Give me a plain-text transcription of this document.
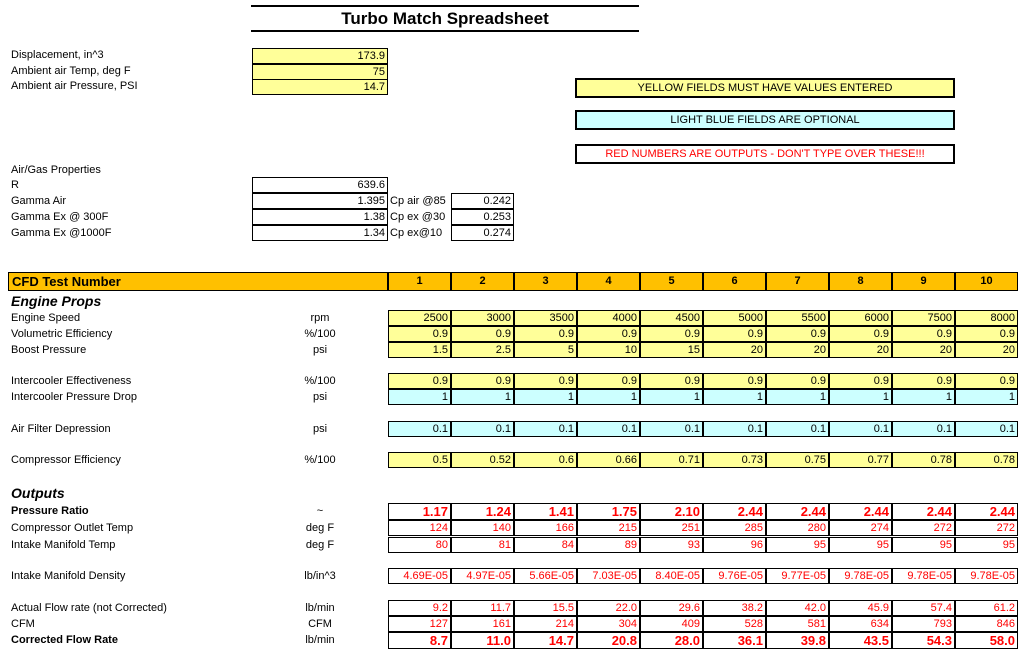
Turbo Match Spreadsheet
Displacement, in^3	173.9
Ambient air Temp, deg F	75
Ambient air Pressure, PSI	14.7	YELLOW FIELDS MUST HAVE VALUES ENTERED
LIGHT BLUE FIELDS ARE OPTIONAL
RED NUMBERS ARE OUTPUTS - DON'T TYPE OVER THESE!!!
Air/Gas Properties
R	639.6
Gamma Air	1.395 Cp air @85	0.242
Gamma Ex @ 300F	1.38 Cp ex @30	0.253
Gamma Ex @1000F	1.34 Cp ex@10	0.274
CFD Test Number	1	2	3	4	5	6	7	8	9	10
Engine Props
Outputs
Engine Speed	rpm	2500	3000	3500	4000	4500	5000	5500	6000	7500	8000
Volumetric Efficiency	%/100	0.9	0.9	0.9	0.9	0.9	0.9	0.9	0.9	0.9	0.9
Boost Pressure	psi	1.5	2.5	5	10	15	20	20	20	20	20
Intercooler Effectiveness	%/100	0.9	0.9	0.9	0.9	0.9	0.9	0.9	0.9	0.9	0.9
Intercooler Pressure Drop	psi	1	1	1	1	1	1	1	1	1	1
Air Filter Depression	psi	0.1	0.1	0.1	0.1	0.1	0.1	0.1	0.1	0.1	0.1
Compressor Efficiency	%/100	0.5	0.52	0.6	0.66	0.71	0.73	0.75	0.77	0.78	0.78
Pressure Ratio	~	1.17	1.24	1.41	1.75	2.10	2.44	2.44	2.44	2.44	2.44
Compressor Outlet Temp	deg F	124	140	166	215	251	285	280	274	272	272
Intake Manifold Temp	deg F	80	81	84	89	93	96	95	95	95	95
Intake Manifold Density	lb/in^3	4.69E-05	4.97E-05	5.66E-05	7.03E-05	8.40E-05	9.76E-05	9.77E-05	9.78E-05	9.78E-05	9.78E-05
Actual Flow rate (not Corrected)	lb/min	9.2	11.7	15.5	22.0	29.6	38.2	42.0	45.9	57.4	61.2
CFM	CFM	127	161	214	304	409	528	581	634	793	846
Corrected Flow Rate	lb/min	8.7	11.0	14.7	20.8	28.0	36.1	39.8	43.5	54.3	58.0
